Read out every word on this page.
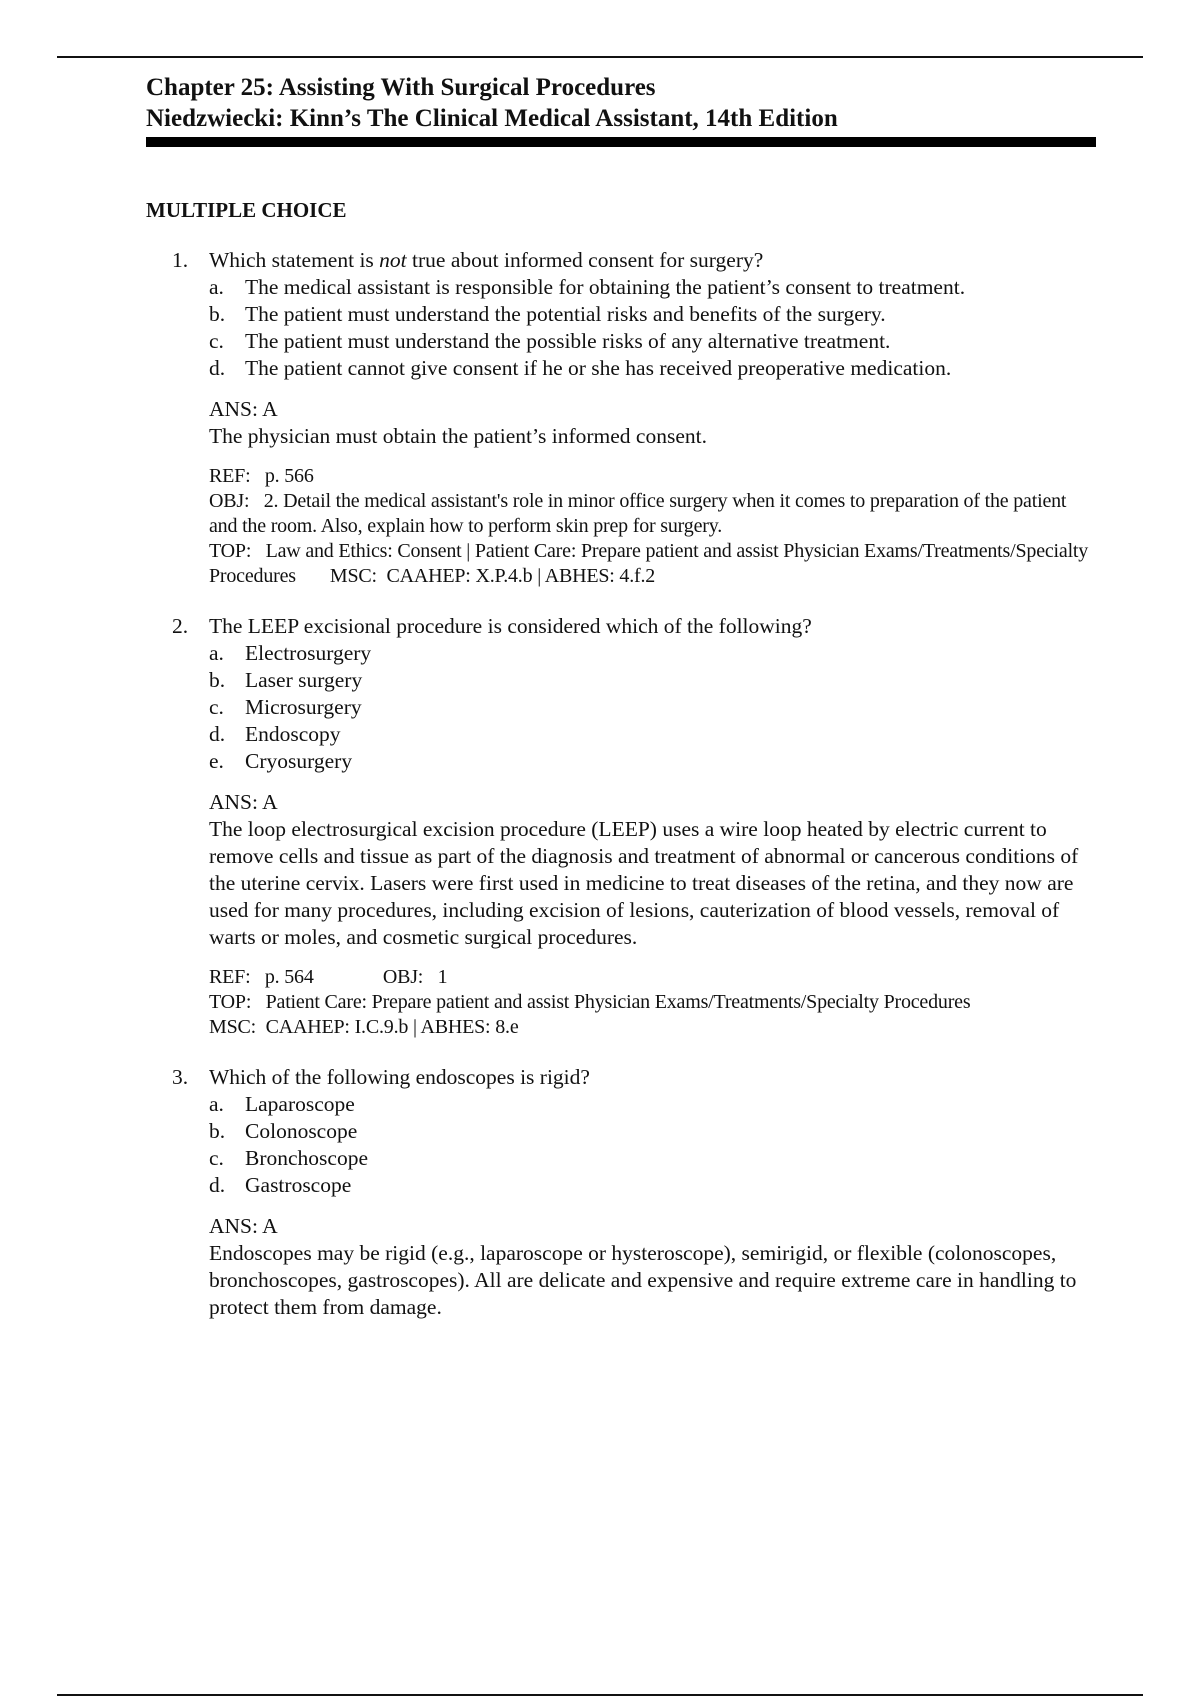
Chapter 25: Assisting With Surgical Procedures

Niedzwiecki: Kinn’s The Clinical Medical Assistant, 14th Edition

MULTIPLE CHOICE

1. Which statement is not true about informed consent for surgery?

a. The medical assistant is responsible for obtaining the patient’s consent to treatment.
b. The patient must understand the potential risks and benefits of the surgery.
c. The patient must understand the possible risks of any alternative treatment.
d. The patient cannot give consent if he or she has received preoperative medication.

ANS: A

The physician must obtain the patient’s informed consent.

REF: p. 566

OBJ: 2. Detail the medical assistant's role in minor office surgery when it comes to preparation of the patient and the room. Also, explain how to perform skin prep for surgery.

TOP: Law and Ethics: Consent | Patient Care: Prepare patient and assist Physician Exams/Treatments/Specialty Procedures MSC: CAAHEP: X.P.4.b | ABHES: 4.f.2

2. The LEEP excisional procedure is considered which of the following?

a. Electrosurgery
b. Laser surgery
c. Microsurgery
d. Endoscopy
e. Cryosurgery

ANS: A

The loop electrosurgical excision procedure (LEEP) uses a wire loop heated by electric current to remove cells and tissue as part of the diagnosis and treatment of abnormal or cancerous conditions of the uterine cervix. Lasers were first used in medicine to treat diseases of the retina, and they now are used for many procedures, including excision of lesions, cauterization of blood vessels, removal of warts or moles, and cosmetic surgical procedures.

REF: p. 564	OBJ: 1

TOP: Patient Care: Prepare patient and assist Physician Exams/Treatments/Specialty Procedures

MSC: CAAHEP: I.C.9.b | ABHES: 8.e

3. Which of the following endoscopes is rigid?

a. Laparoscope
b. Colonoscope
c. Bronchoscope
d. Gastroscope

ANS: A

Endoscopes may be rigid (e.g., laparoscope or hysteroscope), semirigid, or flexible (colonoscopes, bronchoscopes, gastroscopes). All are delicate and expensive and require extreme care in handling to protect them from damage.
